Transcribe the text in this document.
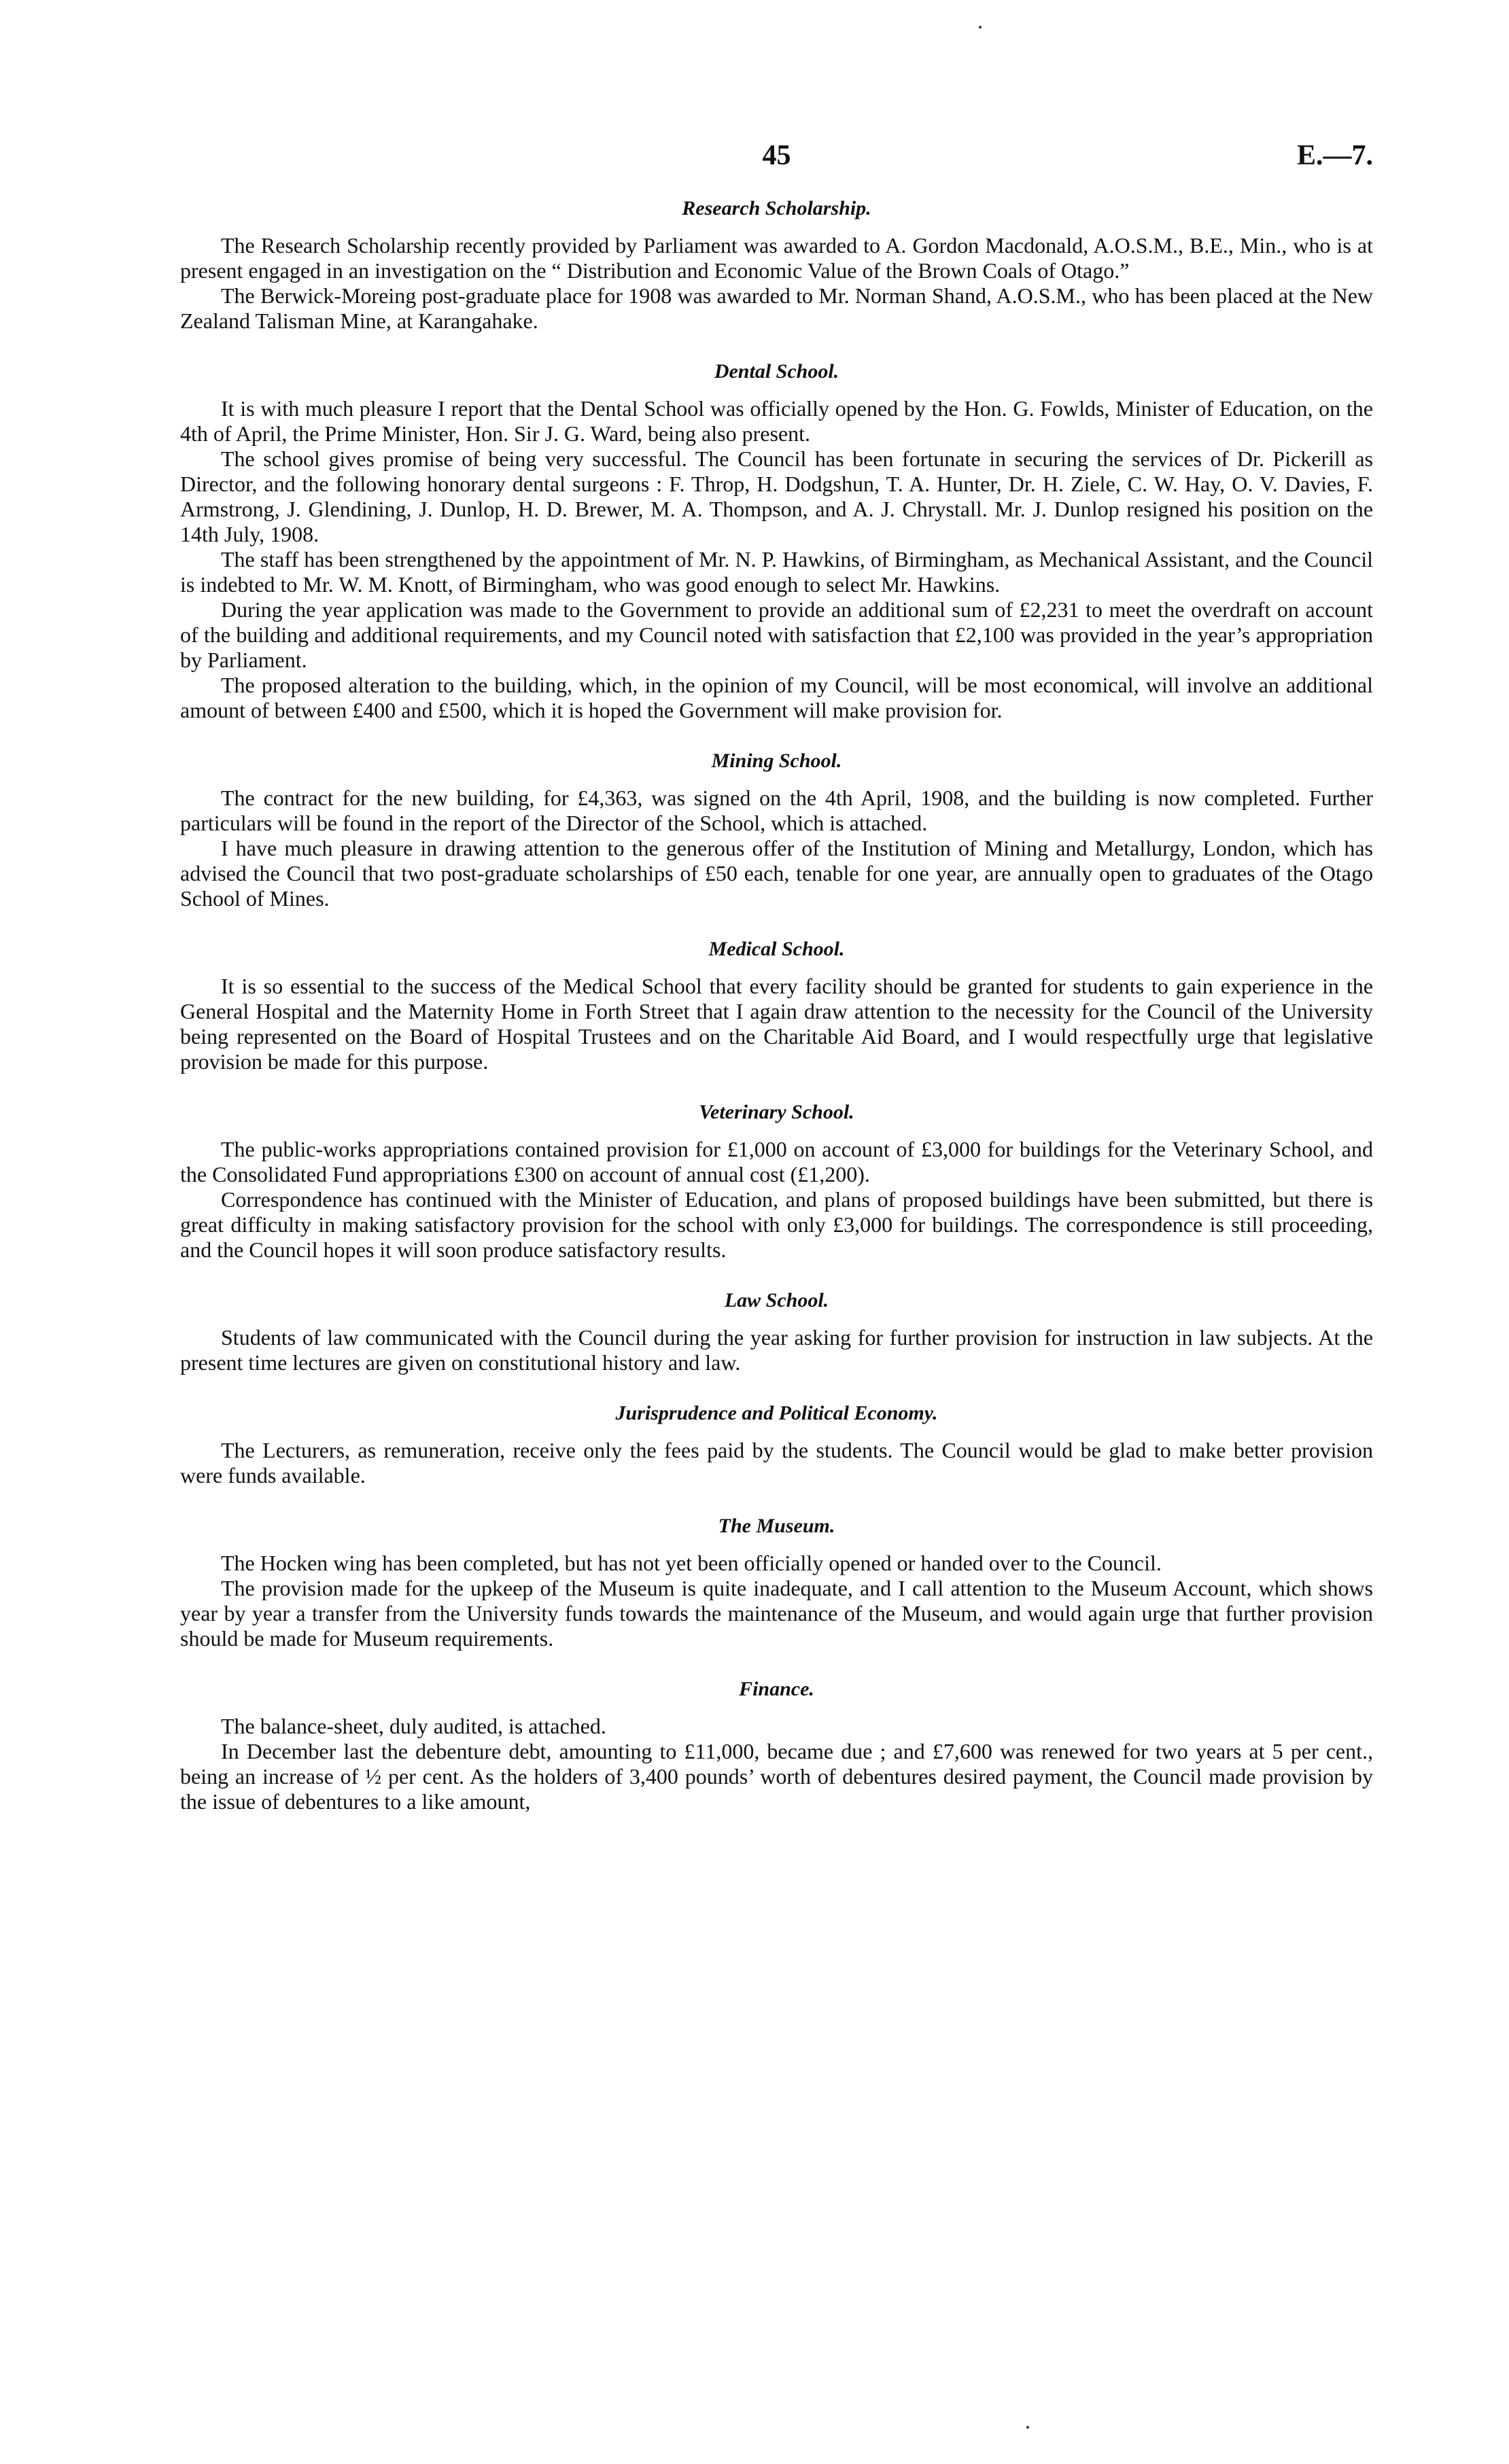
45	E.—7.
Research Scholarship.

The Research Scholarship recently provided by Parliament was awarded to A. Gordon Macdonald, A.O.S.M., B.E., Min., who is at present engaged in an investigation on the “ Distribution and Economic Value of the Brown Coals of Otago.”

The Berwick-Moreing post-graduate place for 1908 was awarded to Mr. Norman Shand, A.O.S.M., who has been placed at the New Zealand Talisman Mine, at Karangahake.

Dental School.

It is with much pleasure I report that the Dental School was officially opened by the Hon. G. Fowlds, Minister of Education, on the 4th of April, the Prime Minister, Hon. Sir J. G. Ward, being also present.

The school gives promise of being very successful. The Council has been fortunate in securing the services of Dr. Pickerill as Director, and the following honorary dental surgeons : F. Throp, H. Dodgshun, T. A. Hunter, Dr. H. Ziele, C. W. Hay, O. V. Davies, F. Armstrong, J. Glendining, J. Dunlop, H. D. Brewer, M. A. Thompson, and A. J. Chrystall. Mr. J. Dunlop resigned his position on the 14th July, 1908.

The staff has been strengthened by the appointment of Mr. N. P. Hawkins, of Birmingham, as Mechanical Assistant, and the Council is indebted to Mr. W. M. Knott, of Birmingham, who was good enough to select Mr. Hawkins.

During the year application was made to the Government to provide an additional sum of £2,231 to meet the overdraft on account of the building and additional requirements, and my Council noted with satisfaction that £2,100 was provided in the year’s appropriation by Parliament.

The proposed alteration to the building, which, in the opinion of my Council, will be most economical, will involve an additional amount of between £400 and £500, which it is hoped the Government will make provision for.

Mining School.

The contract for the new building, for £4,363, was signed on the 4th April, 1908, and the building is now completed. Further particulars will be found in the report of the Director of the School, which is attached.

I have much pleasure in drawing attention to the generous offer of the Institution of Mining and Metallurgy, London, which has advised the Council that two post-graduate scholarships of £50 each, tenable for one year, are annually open to graduates of the Otago School of Mines.

Medical School.

It is so essential to the success of the Medical School that every facility should be granted for students to gain experience in the General Hospital and the Maternity Home in Forth Street that I again draw attention to the necessity for the Council of the University being represented on the Board of Hospital Trustees and on the Charitable Aid Board, and I would respectfully urge that legislative provision be made for this purpose.

Veterinary School.

The public-works appropriations contained provision for £1,000 on account of £3,000 for buildings for the Veterinary School, and the Consolidated Fund appropriations £300 on account of annual cost (£1,200).

Correspondence has continued with the Minister of Education, and plans of proposed buildings have been submitted, but there is great difficulty in making satisfactory provision for the school with only £3,000 for buildings. The correspondence is still proceeding, and the Council hopes it will soon produce satisfactory results.

Law School.

Students of law communicated with the Council during the year asking for further provision for instruction in law subjects. At the present time lectures are given on constitutional history and law.

Jurisprudence and Political Economy.

The Lecturers, as remuneration, receive only the fees paid by the students. The Council would be glad to make better provision were funds available.

The Museum.

The Hocken wing has been completed, but has not yet been officially opened or handed over to the Council.

The provision made for the upkeep of the Museum is quite inadequate, and I call attention to the Museum Account, which shows year by year a transfer from the University funds towards the maintenance of the Museum, and would again urge that further provision should be made for Museum requirements.

Finance.

The balance-sheet, duly audited, is attached.

In December last the debenture debt, amounting to £11,000, became due ; and £7,600 was renewed for two years at 5 per cent., being an increase of ½ per cent. As the holders of 3,400 pounds’ worth of debentures desired payment, the Council made provision by the issue of debentures to a like amount,
